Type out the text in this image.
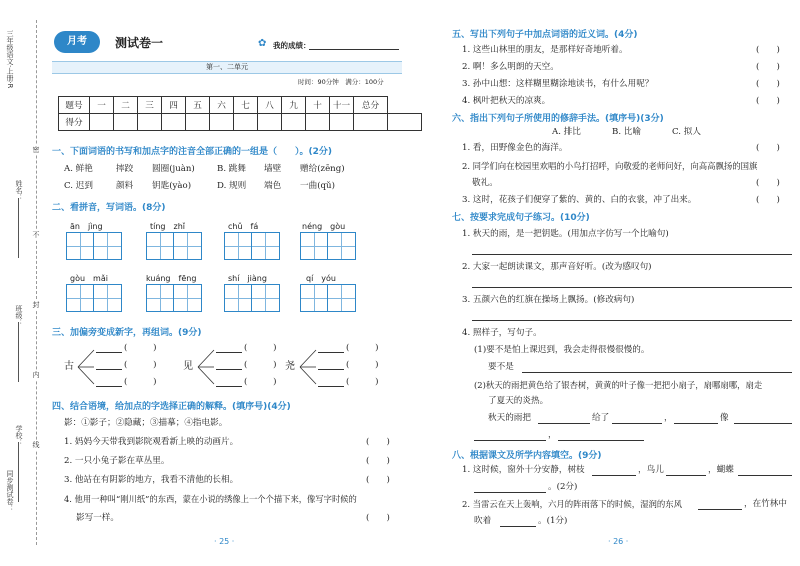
三年级语文·上册·R
姓名：
班级：
学校：
同步测试卷：
密
不
封
内
线
月考	测试卷一	✿ 我的成绩：
第一、二单元
时间：90分钟　满分：100分
题号	一	二	三	四	五	六	七	八	九	十	十一	总分	
得分													
一、下面词语的书写和加点字的注音全部正确的一组是（　　）。(2分)
A. 鲜艳	摔跤 圆圈(juàn)	B. 跳舞 墙壁 赠给(zēng)
C. 迟到	颜料 钥匙(yào)	D. 规则 端色 一曲(qǔ)
二、看拼音，写词语。(8分)
ān　jìng	tíng　zhǐ	chǔ　fá	néng　gòu
gòu　mǎi	kuáng　fēng	shí　jiàng	qí　yóu
三、加偏旁变成新字，再组词。(9分)
古	见	尧
(　　　)
(　　　)
(　　　)
(　　　)
(　　　)
(　　　)
(　　　)
(　　　)
(　　　)
四、结合语境，给加点的字选择正确的解释。(填序号)(4分)
影：①影子；②隐藏；③描摹；④指电影。
1. 妈妈今天带我到影院观看新上映的动画片。	(　　)
2. 一只小兔子影在草丛里。	(　　)
3. 他站在有阴影的地方，我看不清他的长相。	(　　)
4. 他用一种叫“刚川纸”的东西，蒙在小说的绣像上一个个描下来，像写字时候的
影写一样。	(　　)
· 25 ·
五、写出下列句子中加点词语的近义词。(4分)
1. 这些山林里的朋友，是那样好奇地听着。	(　　)
2. 啊！多么明朗的天空。	(　　)
3. 孙中山想：这样糊里糊涂地读书，有什么用呢？	(　　)
4. 枫叶把秋天的凉爽。	(　　)
六、指出下列句子所使用的修辞手法。(填序号)(3分)
A. 排比	B. 比喻	C. 拟人
1. 看，田野像金色的海洋。	(　　)
2. 同学们向在校园里欢唱的小鸟打招呼，向敬爱的老师问好，向高高飘扬的国旗
敬礼。	(　　)
3. 这时，花孩子们便穿了紫的、黄的、白的衣裳，冲了出来。	(　　)
七、按要求完成句子练习。(10分)
1. 秋天的雨，是一把钥匙。(用加点字仿写一个比喻句)
2. 大家一起朗读课文，那声音好听。(改为感叹句)
3. 五颜六色的红旗在操场上飘扬。(修改病句)
4. 照样子，写句子。
(1)要不是怕上课迟到，我会走得很慢很慢的。
要不是
(2)秋天的雨把黄色给了银杏树，黄黄的叶子像一把把小扇子，扇哪扇哪，扇走
了夏天的炎热。
秋天的雨把	给了	，	像
，
八、根据课文及所学内容填空。(9分)
1. 这时候，窗外十分安静，树枝	，鸟儿	，蝴蝶
。(2分)
2. 当雷云在天上轰响，六月的阵雨落下的时候，湿润的东风	，在竹林中
吹着	。(1分)
· 26 ·
